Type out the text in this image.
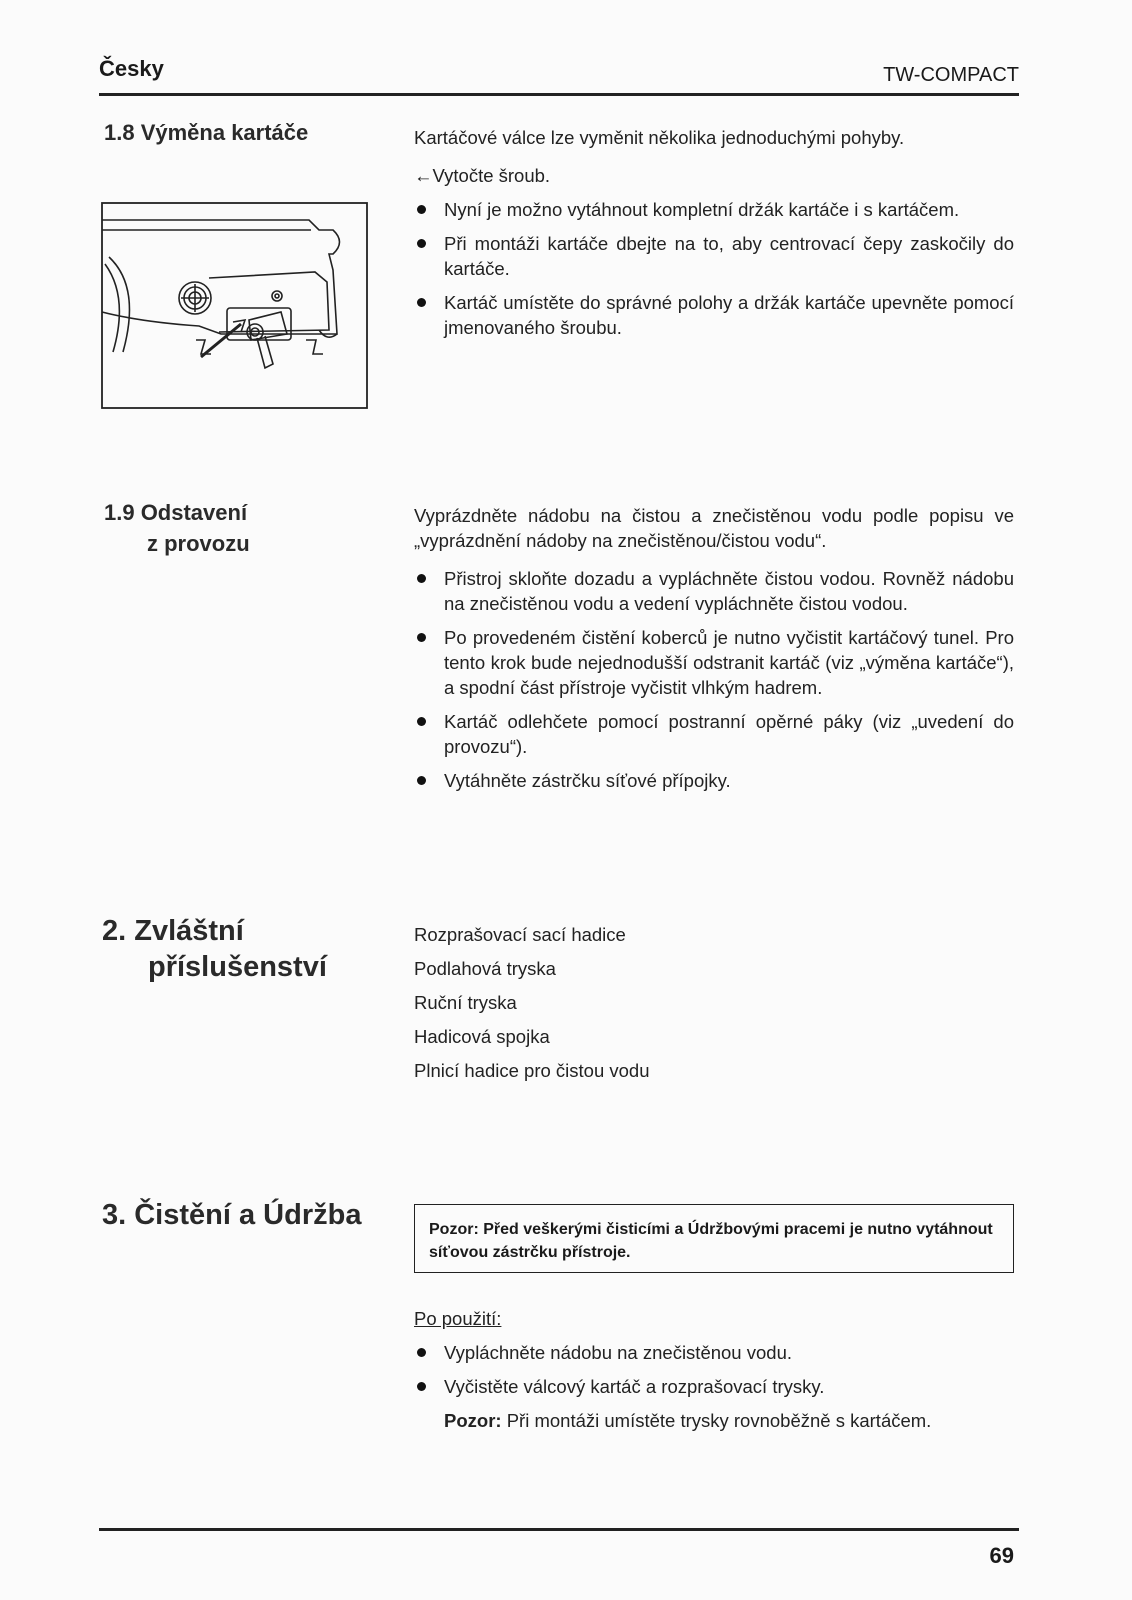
Česky	TW-COMPACT
1.8 Výměna kartáče	Kartáčové válce lze vyměnit několika jednoduchými pohyby.
←Vytočte šroub.
Nyní je možno vytáhnout kompletní držák kartáče i s kartáčem.
Při montáži kartáče dbejte na to, aby centrovací čepy zaskočily do kartáče.
Kartáč umístěte do správné polohy a držák kartáče upevněte pomocí jmenovaného šroubu.
1.9 Odstavení
z provozu
Vyprázdněte nádobu na čistou a znečistěnou vodu podle popisu ve „vyprázdnění nádoby na znečistěnou/čistou vodu“.
Přistroj skloňte dozadu a vypláchněte čistou vodou. Rovněž nádobu na znečistěnou vodu a vedení vypláchněte čistou vodou.
Po provedeném čistění koberců je nutno vyčistit kartáčový tunel. Pro tento krok bude nejednodušší odstranit kartáč (viz „výměna kartáče“), a spodní část přístroje vyčistit vlhkým hadrem.
Kartáč odlehčete pomocí postranní opěrné páky (viz „uvedení do provozu“).
Vytáhněte zástrčku síťové přípojky.
2. Zvláštní
příslušenství
Rozprašovací sací hadice
Podlahová tryska
Ruční tryska
Hadicová spojka
Plnicí hadice pro čistou vodu
3. Čistění a Údržba	Pozor: Před veškerými čisticími a Údržbovými pracemi je nutno vytáhnout síťovou zástrčku přístroje.
Po použití:
Vypláchněte nádobu na znečistěnou vodu.
Vyčistěte válcový kartáč a rozprašovací trysky.
Pozor: Při montáži umístěte trysky rovnoběžně s kartáčem.
69
